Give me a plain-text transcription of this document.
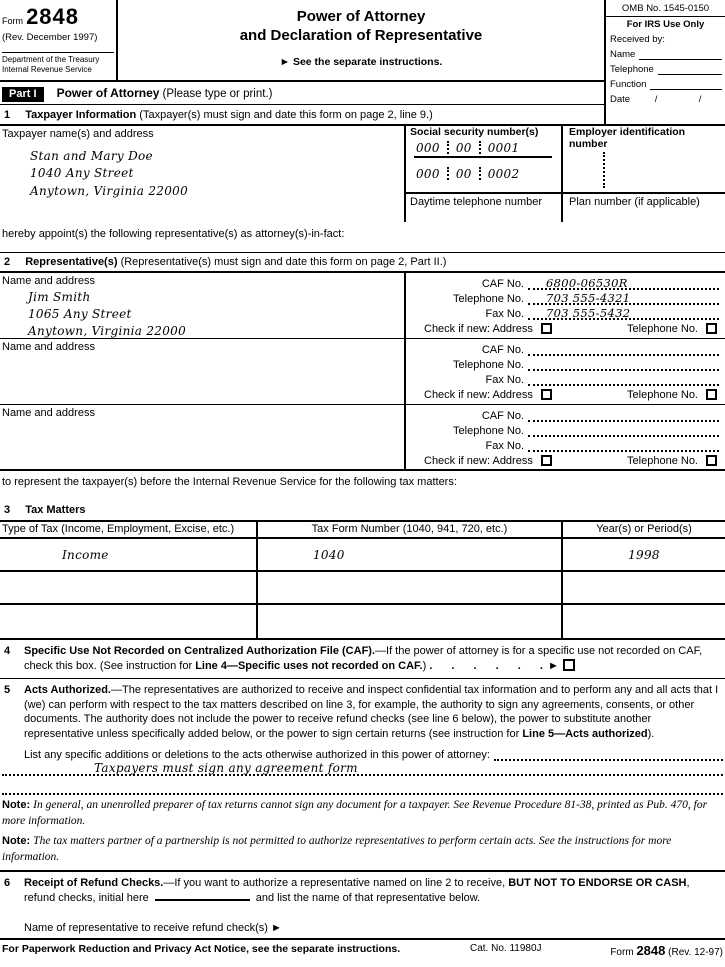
Form 2848
(Rev. December 1997)
Department of the Treasury
Internal Revenue Service
Power of Attorney
and Declaration of Representative
► See the separate instructions.
Part I Power of Attorney (Please type or print.)
1 Taxpayer Information (Taxpayer(s) must sign and date this form on page 2, line 9.)
OMB No. 1545-0150
For IRS Use Only
Received by:
Name
Telephone
Function
Date	/	/
Taxpayer name(s) and address
Stan and Mary Doe
1040 Any Street
Anytown, Virginia 22000
Social security number(s)
000	00	0001
000	00	0002
Employer identification number
Daytime telephone number	Plan number (if applicable)
hereby appoint(s) the following representative(s) as attorney(s)-in-fact:
2 Representative(s) (Representative(s) must sign and date this form on page 2, Part II.)
Name and address
Jim Smith
1065 Any Street
Anytown, Virginia 22000
CAF No.	6800-06530R
Telephone No.	703 555-4321
Fax No.	703 555-5432
Check if new: Address	Telephone No.
Name and address	CAF No.
Telephone No.
Fax No.
Check if new: Address	Telephone No.
Name and address	CAF No.
Telephone No.
Fax No.
Check if new: Address	Telephone No.
to represent the taxpayer(s) before the Internal Revenue Service for the following tax matters:
3 Tax Matters
Type of Tax (Income, Employment, Excise, etc.)	Tax Form Number (1040, 941, 720, etc.)	Year(s) or Period(s)
Income	1040	1998
4 Specific Use Not Recorded on Centralized Authorization File (CAF).—If the power of attorney is for a specific use not recorded on CAF, check this box. (See instruction for Line 4—Specific uses not recorded on CAF.) . . . . . . ►
5 Acts Authorized.—The representatives are authorized to receive and inspect confidential tax information and to perform any and all acts that I (we) can perform with respect to the tax matters described on line 3, for example, the authority to sign any agreements, consents, or other documents. The authority does not include the power to receive refund checks (see line 6 below), the power to substitute another representative unless specifically added below, or the power to sign certain returns (see instruction for Line 5—Acts authorized).
List any specific additions or deletions to the acts otherwise authorized in this power of attorney:
Taxpayers must sign any agreement form
Note: In general, an unenrolled preparer of tax returns cannot sign any document for a taxpayer. See Revenue Procedure 81-38, printed as Pub. 470, for more information.
Note: The tax matters partner of a partnership is not permitted to authorize representatives to perform certain acts. See the instructions for more information.
6 Receipt of Refund Checks.—If you want to authorize a representative named on line 2 to receive, BUT NOT TO ENDORSE OR CASH, refund checks, initial here	and list the name of that representative below.
Name of representative to receive refund check(s) ►
For Paperwork Reduction and Privacy Act Notice, see the separate instructions.	Cat. No. 11980J	Form 2848 (Rev. 12-97)
